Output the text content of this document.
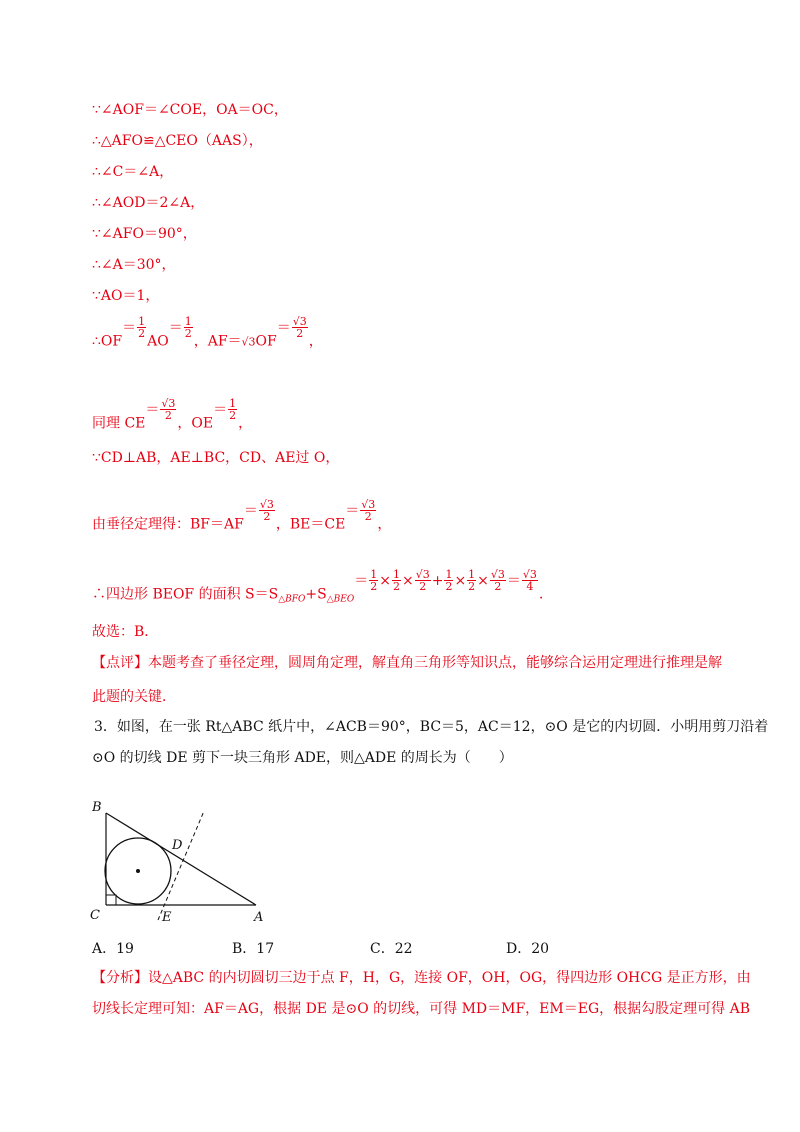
∵∠AOF＝∠COE，OA＝OC，
∴△AFO≌△CEO（AAS），
∴∠C＝∠A，
∴∠AOD＝2∠A，
∵∠AFO＝90°，
∴∠A＝30°，
∵AO＝1，
∴OF＝ $\frac{1}{2}$
$AO= \frac{1}{2}$
，$AF=√3OF= \frac{√3}{2}$
，
同理 $CE= \frac{√3}{2}$
，$OE= \frac{1}{2}$
，
∵CD⊥AB，AE⊥BC，CD、AE过 O，
由垂径定理得：$BF=AF= \frac{√3}{2}$
，$BE=CE= \frac{√3}{2}$
，
∴四边形 BEOF 的面积 $S=S_{\triangle BFO}+S_{\triangle BEO}= \frac{1}{2} \times \frac{1}{2} \times \frac{√3}{2} + \frac{1}{2} \times \frac{1}{2} \times \frac{√3}{2} = \frac{√3}{4}$
．
故选：B．
【点评】本题考查了垂径定理，圆周角定理，解直角三角形等知识点，能够综合运用定理进行推理是解
此题的关键．
3．如图，在一张 Rt△ABC 纸片中，∠ACB＝90°，BC＝5，AC＝12，⊙O 是它的内切圆．小明用剪刀沿着
⊙O 的切线 DE 剪下一块三角形 ADE，则△ADE 的周长为（　　）
B
C	A
D
E
A．19	B．17	C．22	D．20
【分析】设△ABC 的内切圆切三边于点 F，H，G，连接 OF，OH，OG，得四边形 OHCG 是正方形，由
切线长定理可知：AF＝AG，根据 DE 是⊙O 的切线，可得 MD＝MF，EM＝EG，根据勾股定理可得 AB
